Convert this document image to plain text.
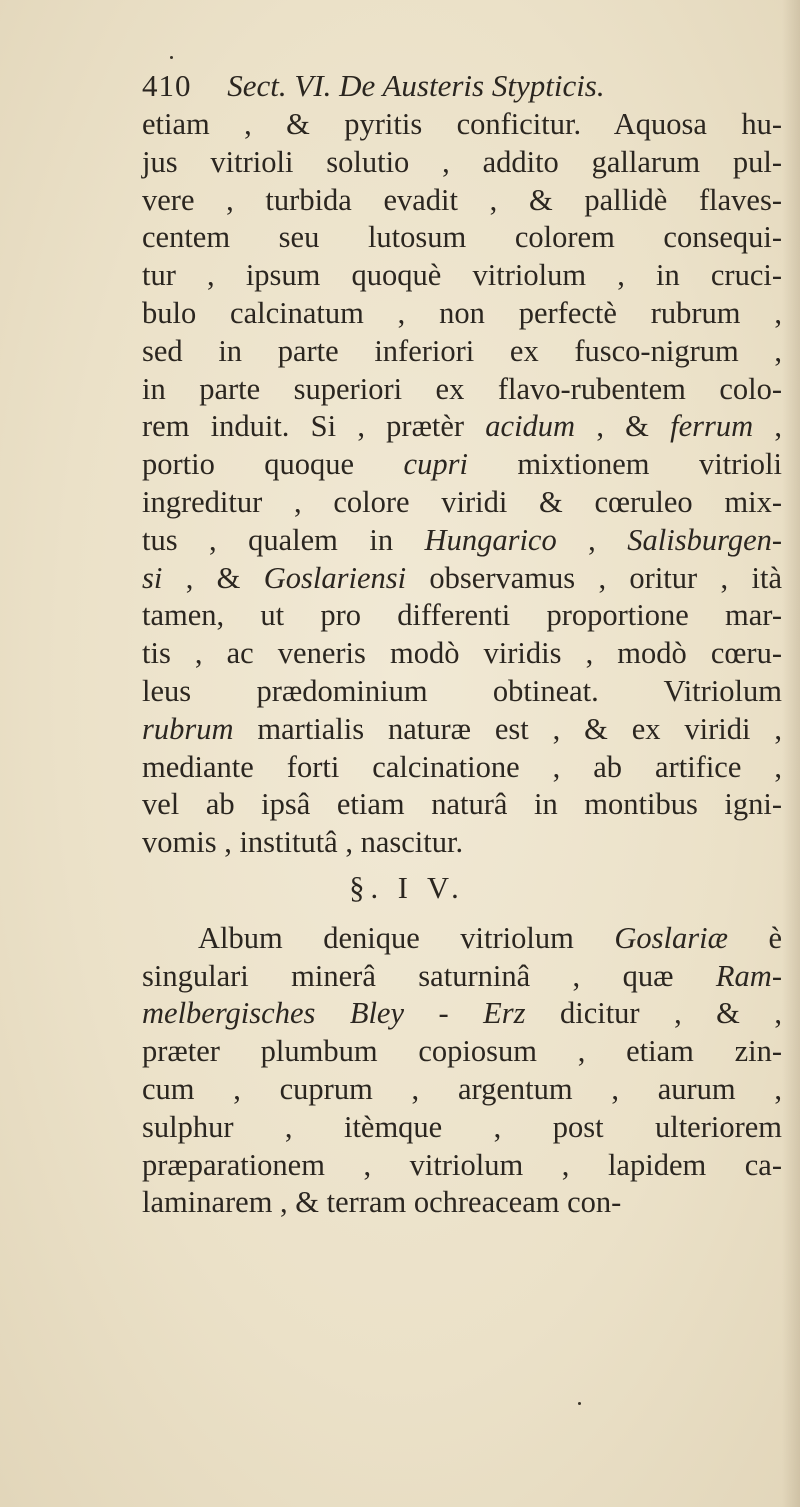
410 Sect. VI. De Austeris Stypticis.
etiam , & pyritis conficitur. Aquosa hu-
jus vitrioli solutio , addito gallarum pul-
vere , turbida evadit , & pallidè flaves-
centem seu lutosum colorem consequi-
tur , ipsum quoquè vitriolum , in cruci-
bulo calcinatum , non perfectè rubrum ,
sed in parte inferiori ex fusco-nigrum ,
in parte superiori ex flavo-rubentem colo-
rem induit. Si , prætèr acidum , & ferrum ,
portio quoque cupri mixtionem vitrioli
ingreditur , colore viridi & cœruleo mix-
tus , qualem in Hungarico , Salisburgen-
si , & Goslariensi observamus , oritur , ità
tamen, ut pro differenti proportione mar-
tis , ac veneris modò viridis , modò cœru-
leus prædominium obtineat. Vitriolum
rubrum martialis naturæ est , & ex viridi ,
mediante forti calcinatione , ab artifice ,
vel ab ipsâ etiam naturâ in montibus igni-
vomis , institutâ , nascitur.
§. I V.
Album denique vitriolum Goslariæ è
singulari minerâ saturninâ , quæ Ram-
melbergisches Bley - Erz dicitur , & ,
præter plumbum copiosum , etiam zin-
cum , cuprum , argentum , aurum ,
sulphur , itèmque , post ulteriorem
præparationem , vitriolum , lapidem ca-
laminarem , & terram ochreaceam con-
